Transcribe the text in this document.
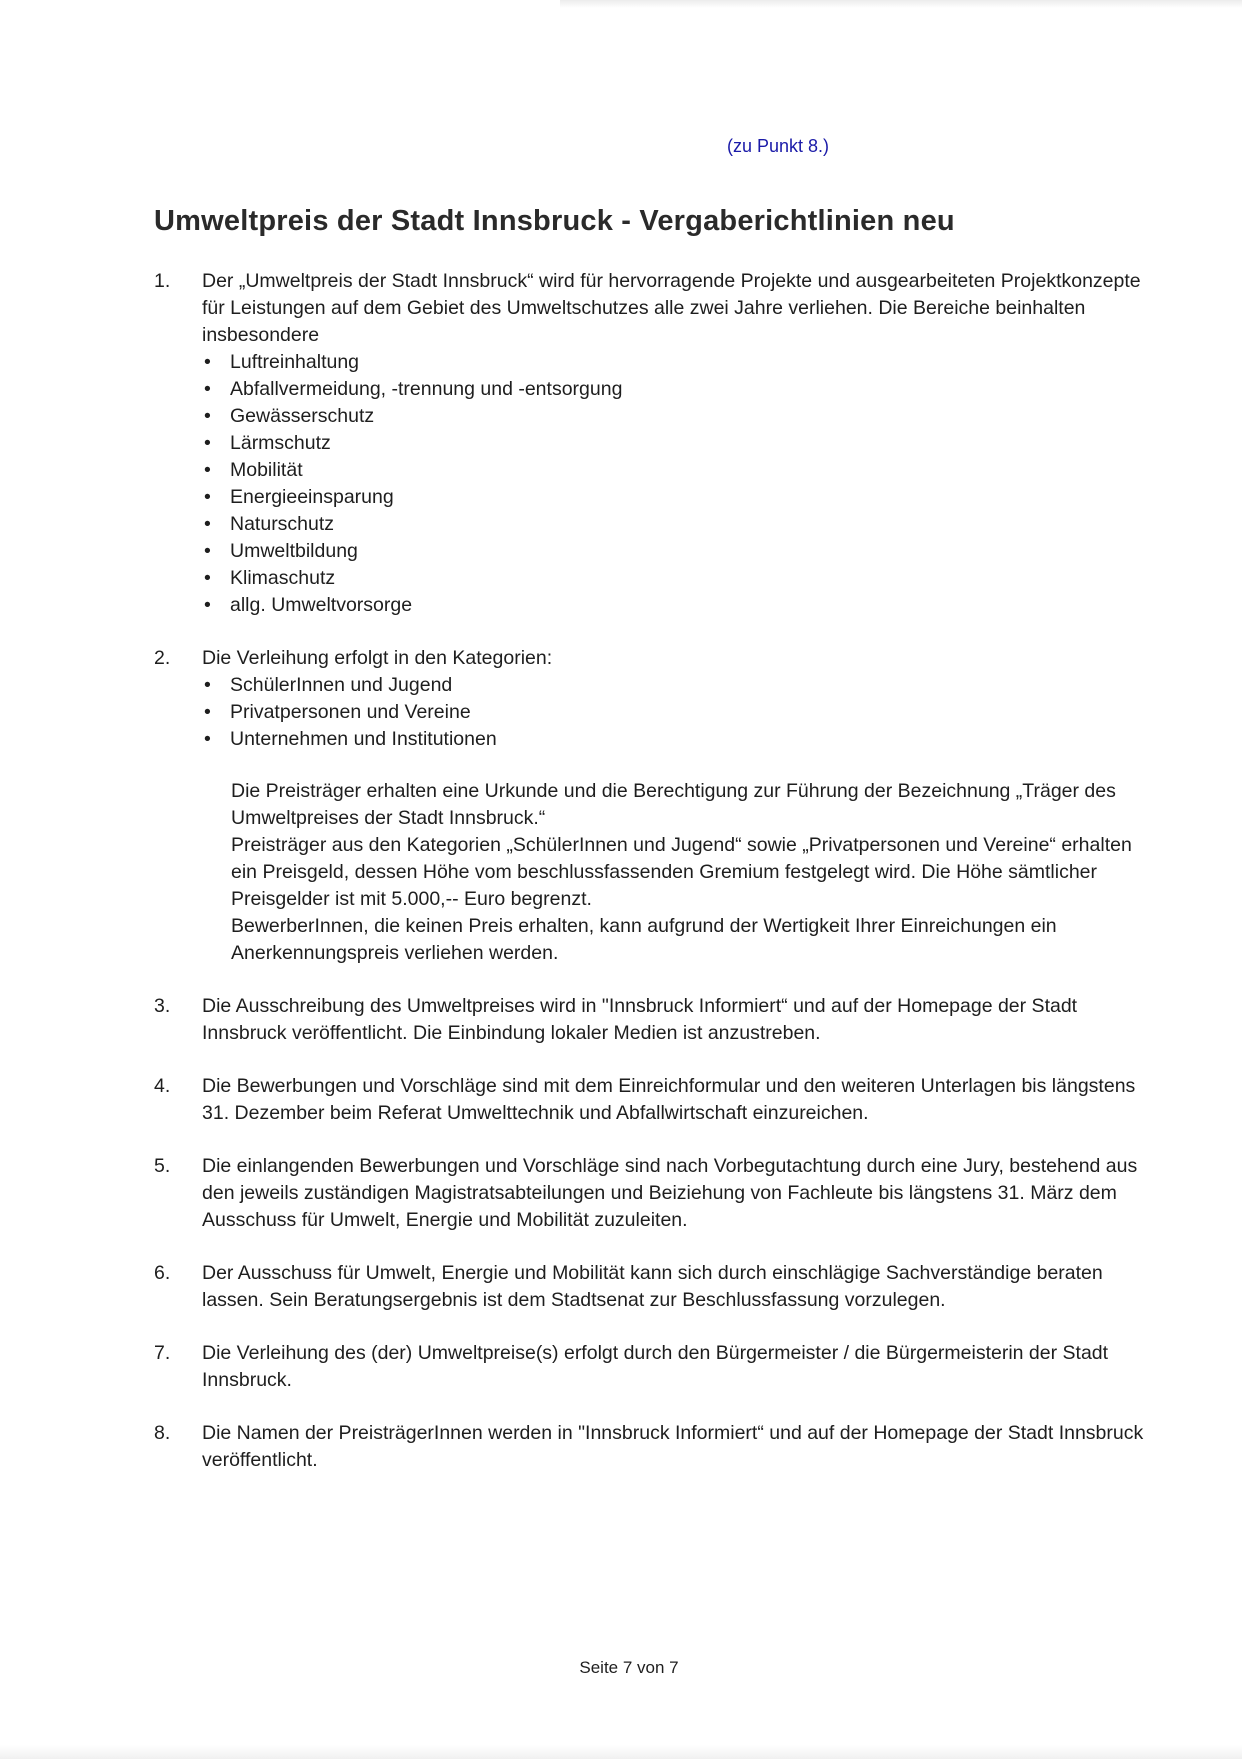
(zu Punkt 8.)
Umweltpreis der Stadt Innsbruck - Vergaberichtlinien neu
1.	Der „Umweltpreis der Stadt Innsbruck“ wird für hervorragende Projekte und ausgearbeiteten Projektkonzepte für Leistungen auf dem Gebiet des Umweltschutzes alle zwei Jahre verliehen. Die Bereiche beinhalten insbesondere
• Luftreinhaltung
• Abfallvermeidung, -trennung und -entsorgung
• Gewässerschutz
• Lärmschutz
• Mobilität
• Energieeinsparung
• Naturschutz
• Umweltbildung
• Klimaschutz
• allg. Umweltvorsorge
2.	Die Verleihung erfolgt in den Kategorien:
• SchülerInnen und Jugend
• Privatpersonen und Vereine
• Unternehmen und Institutionen
Die Preisträger erhalten eine Urkunde und die Berechtigung zur Führung der Bezeichnung „Träger des Umweltpreises der Stadt Innsbruck.“
Preisträger aus den Kategorien „SchülerInnen und Jugend“ sowie „Privatpersonen und Vereine“ erhalten ein Preisgeld, dessen Höhe vom beschlussfassenden Gremium festgelegt wird. Die Höhe sämtlicher Preisgelder ist mit 5.000,-- Euro begrenzt.
BewerberInnen, die keinen Preis erhalten, kann aufgrund der Wertigkeit Ihrer Einreichungen ein Anerkennungspreis verliehen werden.
3.	Die Ausschreibung des Umweltpreises wird in "Innsbruck Informiert“ und auf der Homepage der Stadt Innsbruck veröffentlicht. Die Einbindung lokaler Medien ist anzustreben.
4.	Die Bewerbungen und Vorschläge sind mit dem Einreichformular und den weiteren Unterlagen bis längstens 31. Dezember beim Referat Umwelttechnik und Abfallwirtschaft einzureichen.
5.	Die einlangenden Bewerbungen und Vorschläge sind nach Vorbegutachtung durch eine Jury, bestehend aus den jeweils zuständigen Magistratsabteilungen und Beiziehung von Fachleute bis längstens 31. März dem Ausschuss für Umwelt, Energie und Mobilität zuzuleiten.
6.	Der Ausschuss für Umwelt, Energie und Mobilität kann sich durch einschlägige Sachverständige beraten lassen. Sein Beratungsergebnis ist dem Stadtsenat zur Beschlussfassung vorzulegen.
7.	Die Verleihung des (der) Umweltpreise(s) erfolgt durch den Bürgermeister / die Bürgermeisterin der Stadt Innsbruck.
8.	Die Namen der PreisträgerInnen werden in "Innsbruck Informiert“ und auf der Homepage der Stadt Innsbruck veröffentlicht.
Seite 7 von 7
